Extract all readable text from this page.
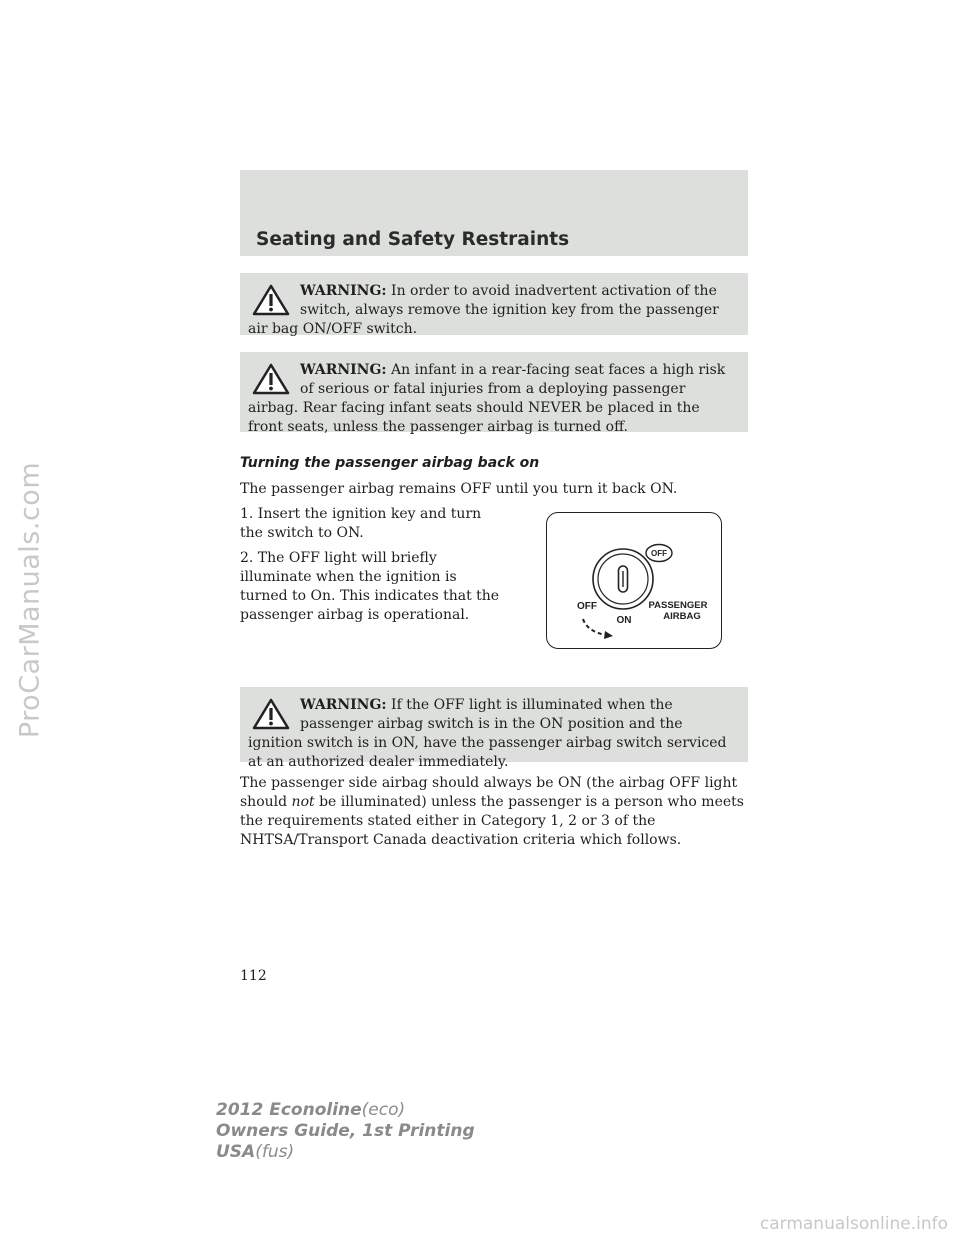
ProCarManuals.com
Seating and Safety Restraints
WARNING: In order to avoid inadvertent activation of the switch, always remove the ignition key from the passenger air bag ON/OFF switch.
WARNING: An infant in a rear-facing seat faces a high risk of serious or fatal injuries from a deploying passenger airbag. Rear facing infant seats should NEVER be placed in the front seats, unless the passenger airbag is turned off.

Turning the passenger airbag back on

The passenger airbag remains OFF until you turn it back ON.

1. Insert the ignition key and turn the switch to ON.

2. The OFF light will briefly illuminate when the ignition is turned to On. This indicates that the passenger airbag is operational.

OFF
OFF
ON
PASSENGER
AIRBAG
WARNING: If the OFF light is illuminated when the passenger airbag switch is in the ON position and the ignition switch is in ON, have the passenger airbag switch serviced at an authorized dealer immediately.

The passenger side airbag should always be ON (the airbag OFF light should not be illuminated) unless the passenger is a person who meets the requirements stated either in Category 1, 2 or 3 of the NHTSA/Transport Canada deactivation criteria which follows.

112
2012 Econoline(eco)
Owners Guide, 1st Printing
USA(fus)
carmanualsonline.info
